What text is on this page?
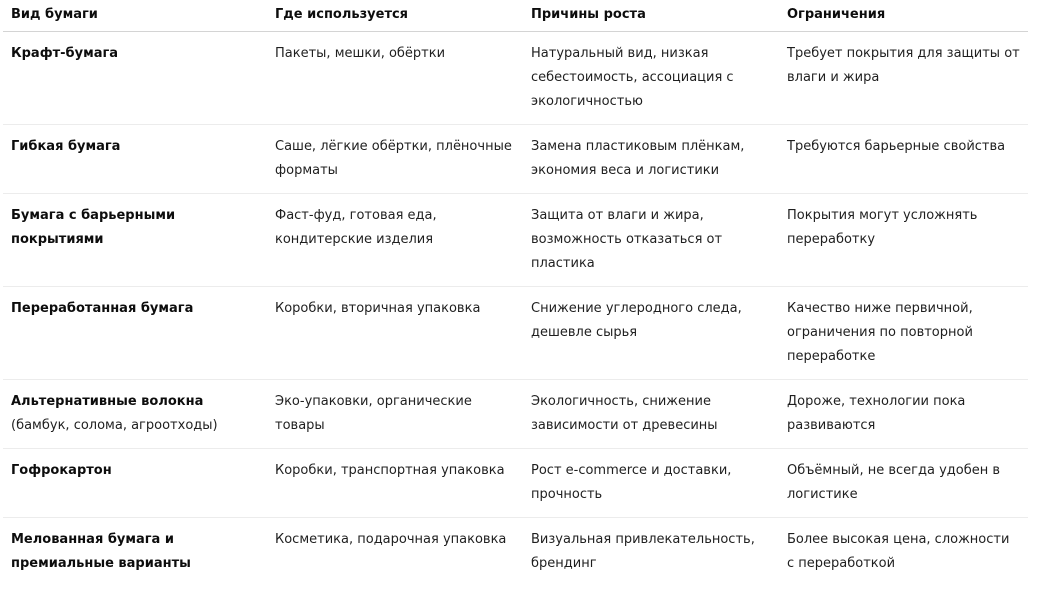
Вид бумаги	Где используется	Причины роста	Ограничения
Крафт-бумага	Пакеты, мешки, обёртки	Натуральный вид, низкая себестоимость, ассоциация с экологичностью	Требует покрытия для защиты от влаги и жира
Гибкая бумага	Саше, лёгкие обёртки, плёночные форматы	Замена пластиковым плёнкам, экономия веса и логистики	Требуются барьерные свойства
Бумага с барьерными покрытиями	Фаст-фуд, готовая еда, кондитерские изделия	Защита от влаги и жира, возможность отказаться от пластика	Покрытия могут усложнять переработку
Переработанная бумага	Коробки, вторичная упаковка	Снижение углеродного следа, дешевле сырья	Качество ниже первичной, ограничения по повторной переработке
Альтернативные волокна (бамбук, солома, агроотходы)	Эко-упаковки, органические товары	Экологичность, снижение зависимости от древесины	Дороже, технологии пока развиваются
Гофрокартон	Коробки, транспортная упаковка	Рост e-commerce и доставки, прочность	Объёмный, не всегда удобен в логистике
Мелованная бумага и премиальные варианты	Косметика, подарочная упаковка	Визуальная привлекательность, брендинг	Более высокая цена, сложности с переработкой
